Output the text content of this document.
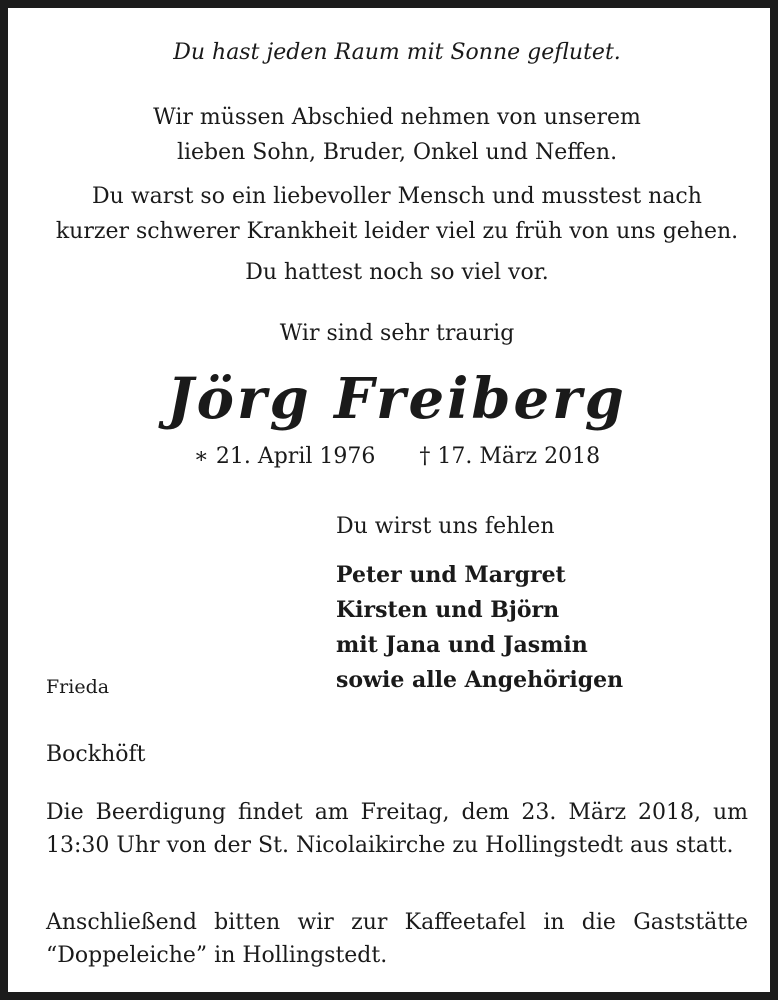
Du hast jeden Raum mit Sonne geflutet.
Wir müssen Abschied nehmen von unserem
lieben Sohn, Bruder, Onkel und Neffen.
Du warst so ein liebevoller Mensch und musstest nach
kurzer schwerer Krankheit leider viel zu früh von uns gehen.
Du hattest noch so viel vor.
Wir sind sehr traurig
Jörg Freiberg
∗ 21. April 1976 † 17. März 2018
Du wirst uns fehlen
Peter und Margret
Kirsten und Björn
mit Jana und Jasmin
sowie alle Angehörigen
Frieda
Bockhöft
Die Beerdigung findet am Freitag, dem 23. März 2018, um 13:30 Uhr von der St. Nicolaikirche zu Hollingstedt aus statt.
Anschließend bitten wir zur Kaffeetafel in die Gaststätte “Doppeleiche” in Hollingstedt.
